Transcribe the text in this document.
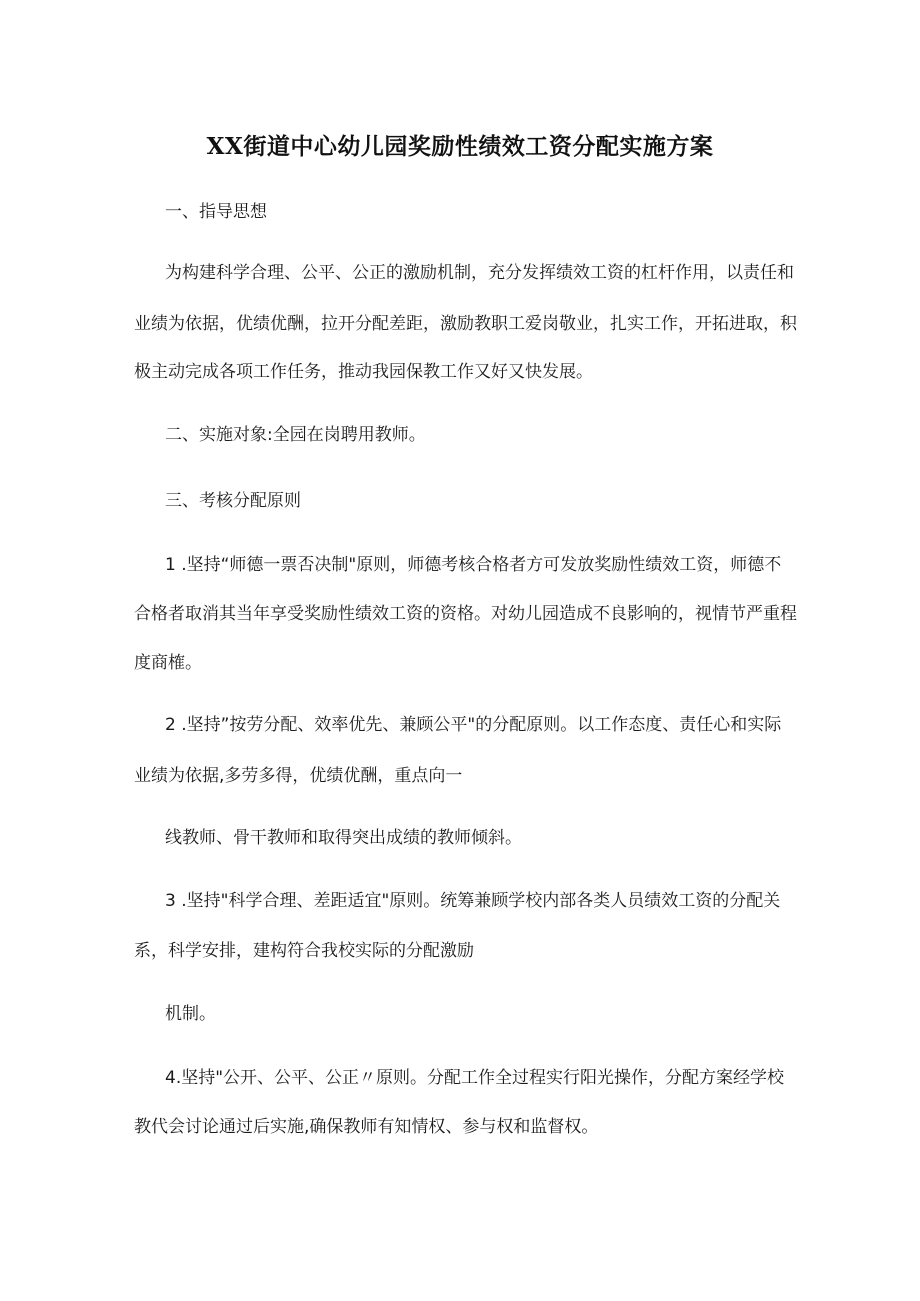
XX街道中心幼儿园奖励性绩效工资分配实施方案
一、指导思想
为构建科学合理、公平、公正的激励机制，充分发挥绩效工资的杠杆作用，以责任和
业绩为依据，优绩优酬，拉开分配差距，激励教职工爱岗敬业，扎实工作，开拓进取，积
极主动完成各项工作任务，推动我园保教工作又好又快发展。
二、实施对象:全园在岗聘用教师。
三、考核分配原则
1 .坚持“师德一票否决制"原则，师德考核合格者方可发放奖励性绩效工资，师德不
合格者取消其当年享受奖励性绩效工资的资格。对幼儿园造成不良影响的，视情节严重程
度商榷。
2 .坚持”按劳分配、效率优先、兼顾公平"的分配原则。以工作态度、责任心和实际
业绩为依据,多劳多得，优绩优酬，重点向一
线教师、骨干教师和取得突出成绩的教师倾斜。
3 .坚持"科学合理、差距适宜"原则。统筹兼顾学校内部各类人员绩效工资的分配关
系，科学安排，建构符合我校实际的分配激励
机制。
4.坚持"公开、公平、公正〃原则。分配工作全过程实行阳光操作，分配方案经学校
教代会讨论通过后实施,确保教师有知情权、参与权和监督权。
